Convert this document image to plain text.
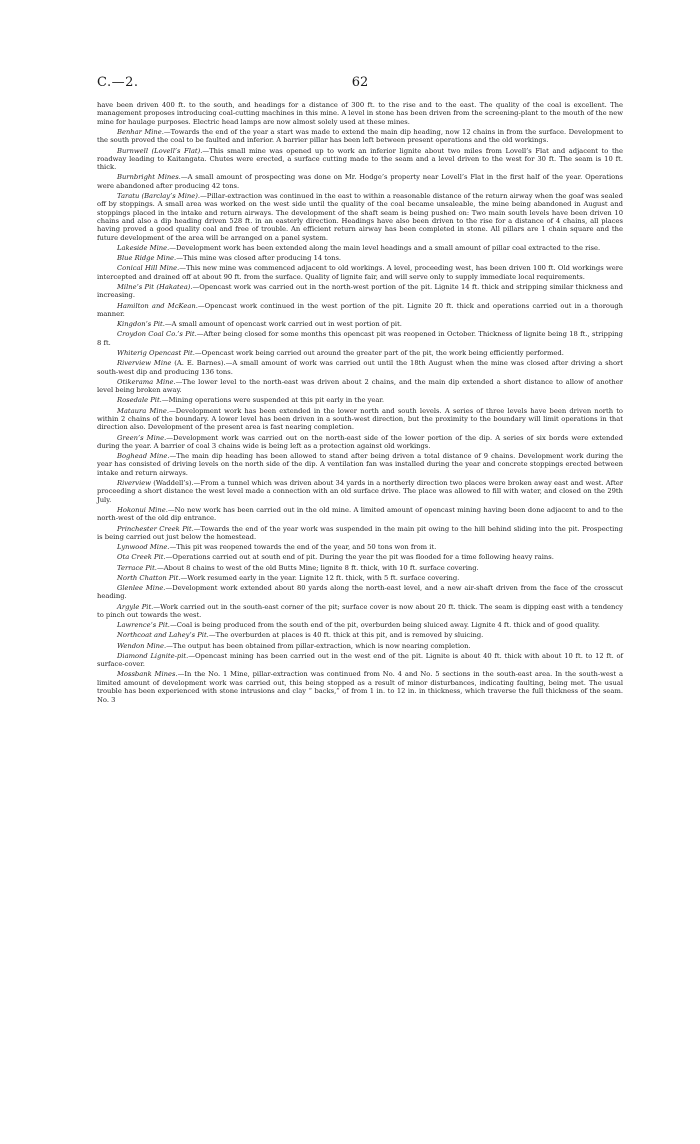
C.—2.	62

have been driven 400 ft. to the south, and headings for a distance of 300 ft. to the rise and to the east. The quality of the coal is excellent. The management proposes introducing coal-cutting machines in this mine. A level in stone has been driven from the screening-plant to the mouth of the new mine for haulage purposes. Electric head lamps are now almost solely used at these mines.

Benhar Mine.—Towards the end of the year a start was made to extend the main dip heading, now 12 chains in from the surface. Development to the south proved the coal to be faulted and inferior. A barrier pillar has been left between present operations and the old workings.

Burnwell (Lovell’s Flat).—This small mine was opened up to work an inferior lignite about two miles from Lovell’s Flat and adjacent to the roadway leading to Kaitangata. Chutes were erected, a surface cutting made to the seam and a level driven to the west for 30 ft. The seam is 10 ft. thick.

Burnbright Mines.—A small amount of prospecting was done on Mr. Hodge’s property near Lovell’s Flat in the first half of the year. Operations were abandoned after producing 42 tons.

Taratu (Barclay’s Mine).—Pillar-extraction was continued in the east to within a reasonable distance of the return airway when the goaf was sealed off by stoppings. A small area was worked on the west side until the quality of the coal became unsaleable, the mine being abandoned in August and stoppings placed in the intake and return airways. The development of the shaft seam is being pushed on: Two main south levels have been driven 10 chains and also a dip heading driven 528 ft. in an easterly direction. Headings have also been driven to the rise for a distance of 4 chains, all places having proved a good quality coal and free of trouble. An efficient return airway has been completed in stone. All pillars are 1 chain square and the future development of the area will be arranged on a panel system.

Lakeside Mine.—Development work has been extended along the main level headings and a small amount of pillar coal extracted to the rise.

Blue Ridge Mine.—This mine was closed after producing 14 tons.

Conical Hill Mine.—This new mine was commenced adjacent to old workings. A level, proceeding west, has been driven 100 ft. Old workings were intercepted and drained off at about 90 ft. from the surface. Quality of lignite fair, and will serve only to supply immediate local requirements.

Milne’s Pit (Hakatea).—Opencast work was carried out in the north-west portion of the pit. Lignite 14 ft. thick and stripping similar thickness and increasing.

Hamilton and McKean.—Opencast work continued in the west portion of the pit. Lignite 20 ft. thick and operations carried out in a thorough manner.

Kingdon’s Pit.—A small amount of opencast work carried out in west portion of pit.

Croydon Coal Co.’s Pit.—After being closed for some months this opencast pit was reopened in October. Thickness of lignite being 18 ft., stripping 8 ft.

Whiterig Opencast Pit.—Opencast work being carried out around the greater part of the pit, the work being efficiently performed.

Riverview Mine (A. E. Barnes).—A small amount of work was carried out until the 18th August when the mine was closed after driving a short south-west dip and producing 136 tons.

Otikerama Mine.—The lower level to the north-east was driven about 2 chains, and the main dip extended a short distance to allow of another level being broken away.

Rosedale Pit.—Mining operations were suspended at this pit early in the year.

Mataura Mine.—Development work has been extended in the lower north and south levels. A series of three levels have been driven north to within 2 chains of the boundary. A lower level has been driven in a south-west direction, but the proximity to the boundary will limit operations in that direction also. Development of the present area is fast nearing completion.

Green’s Mine.—Development work was carried out on the north-east side of the lower portion of the dip. A series of six bords were extended during the year. A barrier of coal 3 chains wide is being left as a protection against old workings.

Boghead Mine.—The main dip heading has been allowed to stand after being driven a total distance of 9 chains. Development work during the year has consisted of driving levels on the north side of the dip. A ventilation fan was installed during the year and concrete stoppings erected between intake and return airways.

Riverview (Waddell’s).—From a tunnel which was driven about 34 yards in a northerly direction two places were broken away east and west. After proceeding a short distance the west level made a connection with an old surface drive. The place was allowed to fill with water, and closed on the 29th July.

Hokonui Mine.—No new work has been carried out in the old mine. A limited amount of opencast mining having been done adjacent to and to the north-west of the old dip entrance.

Princhester Creek Pit.—Towards the end of the year work was suspended in the main pit owing to the hill behind sliding into the pit. Prospecting is being carried out just below the homestead.

Lynwood Mine.—This pit was reopened towards the end of the year, and 50 tons won from it.

Ota Creek Pit.—Operations carried out at south end of pit. During the year the pit was flooded for a time following heavy rains.

Terrace Pit.—About 8 chains to west of the old Butts Mine; lignite 8 ft. thick, with 10 ft. surface covering.

North Chatton Pit.—Work resumed early in the year. Lignite 12 ft. thick, with 5 ft. surface covering.

Glenlee Mine.—Development work extended about 80 yards along the north-east level, and a new air-shaft driven from the face of the crosscut heading.

Argyle Pit.—Work carried out in the south-east corner of the pit; surface cover is now about 20 ft. thick. The seam is dipping east with a tendency to pinch out towards the west.

Lawrence’s Pit.—Coal is being produced from the south end of the pit, overburden being sluiced away. Lignite 4 ft. thick and of good quality.

Northcoat and Lahey’s Pit.—The overburden at places is 40 ft. thick at this pit, and is removed by sluicing.

Wendon Mine.—The output has been obtained from pillar-extraction, which is now nearing completion.

Diamond Lignite-pit.—Opencast mining has been carried out in the west end of the pit. Lignite is about 40 ft. thick with about 10 ft. to 12 ft. of surface-cover.

Mossbank Mines.—In the No. 1 Mine, pillar-extraction was continued from No. 4 and No. 5 sections in the south-east area. In the south-west a limited amount of development work was carried out, this being stopped as a result of minor disturbances, indicating faulting, being met. The usual trouble has been experienced with stone intrusions and clay “ backs,” of from 1 in. to 12 in. in thickness, which traverse the full thickness of the seam. No. 3
